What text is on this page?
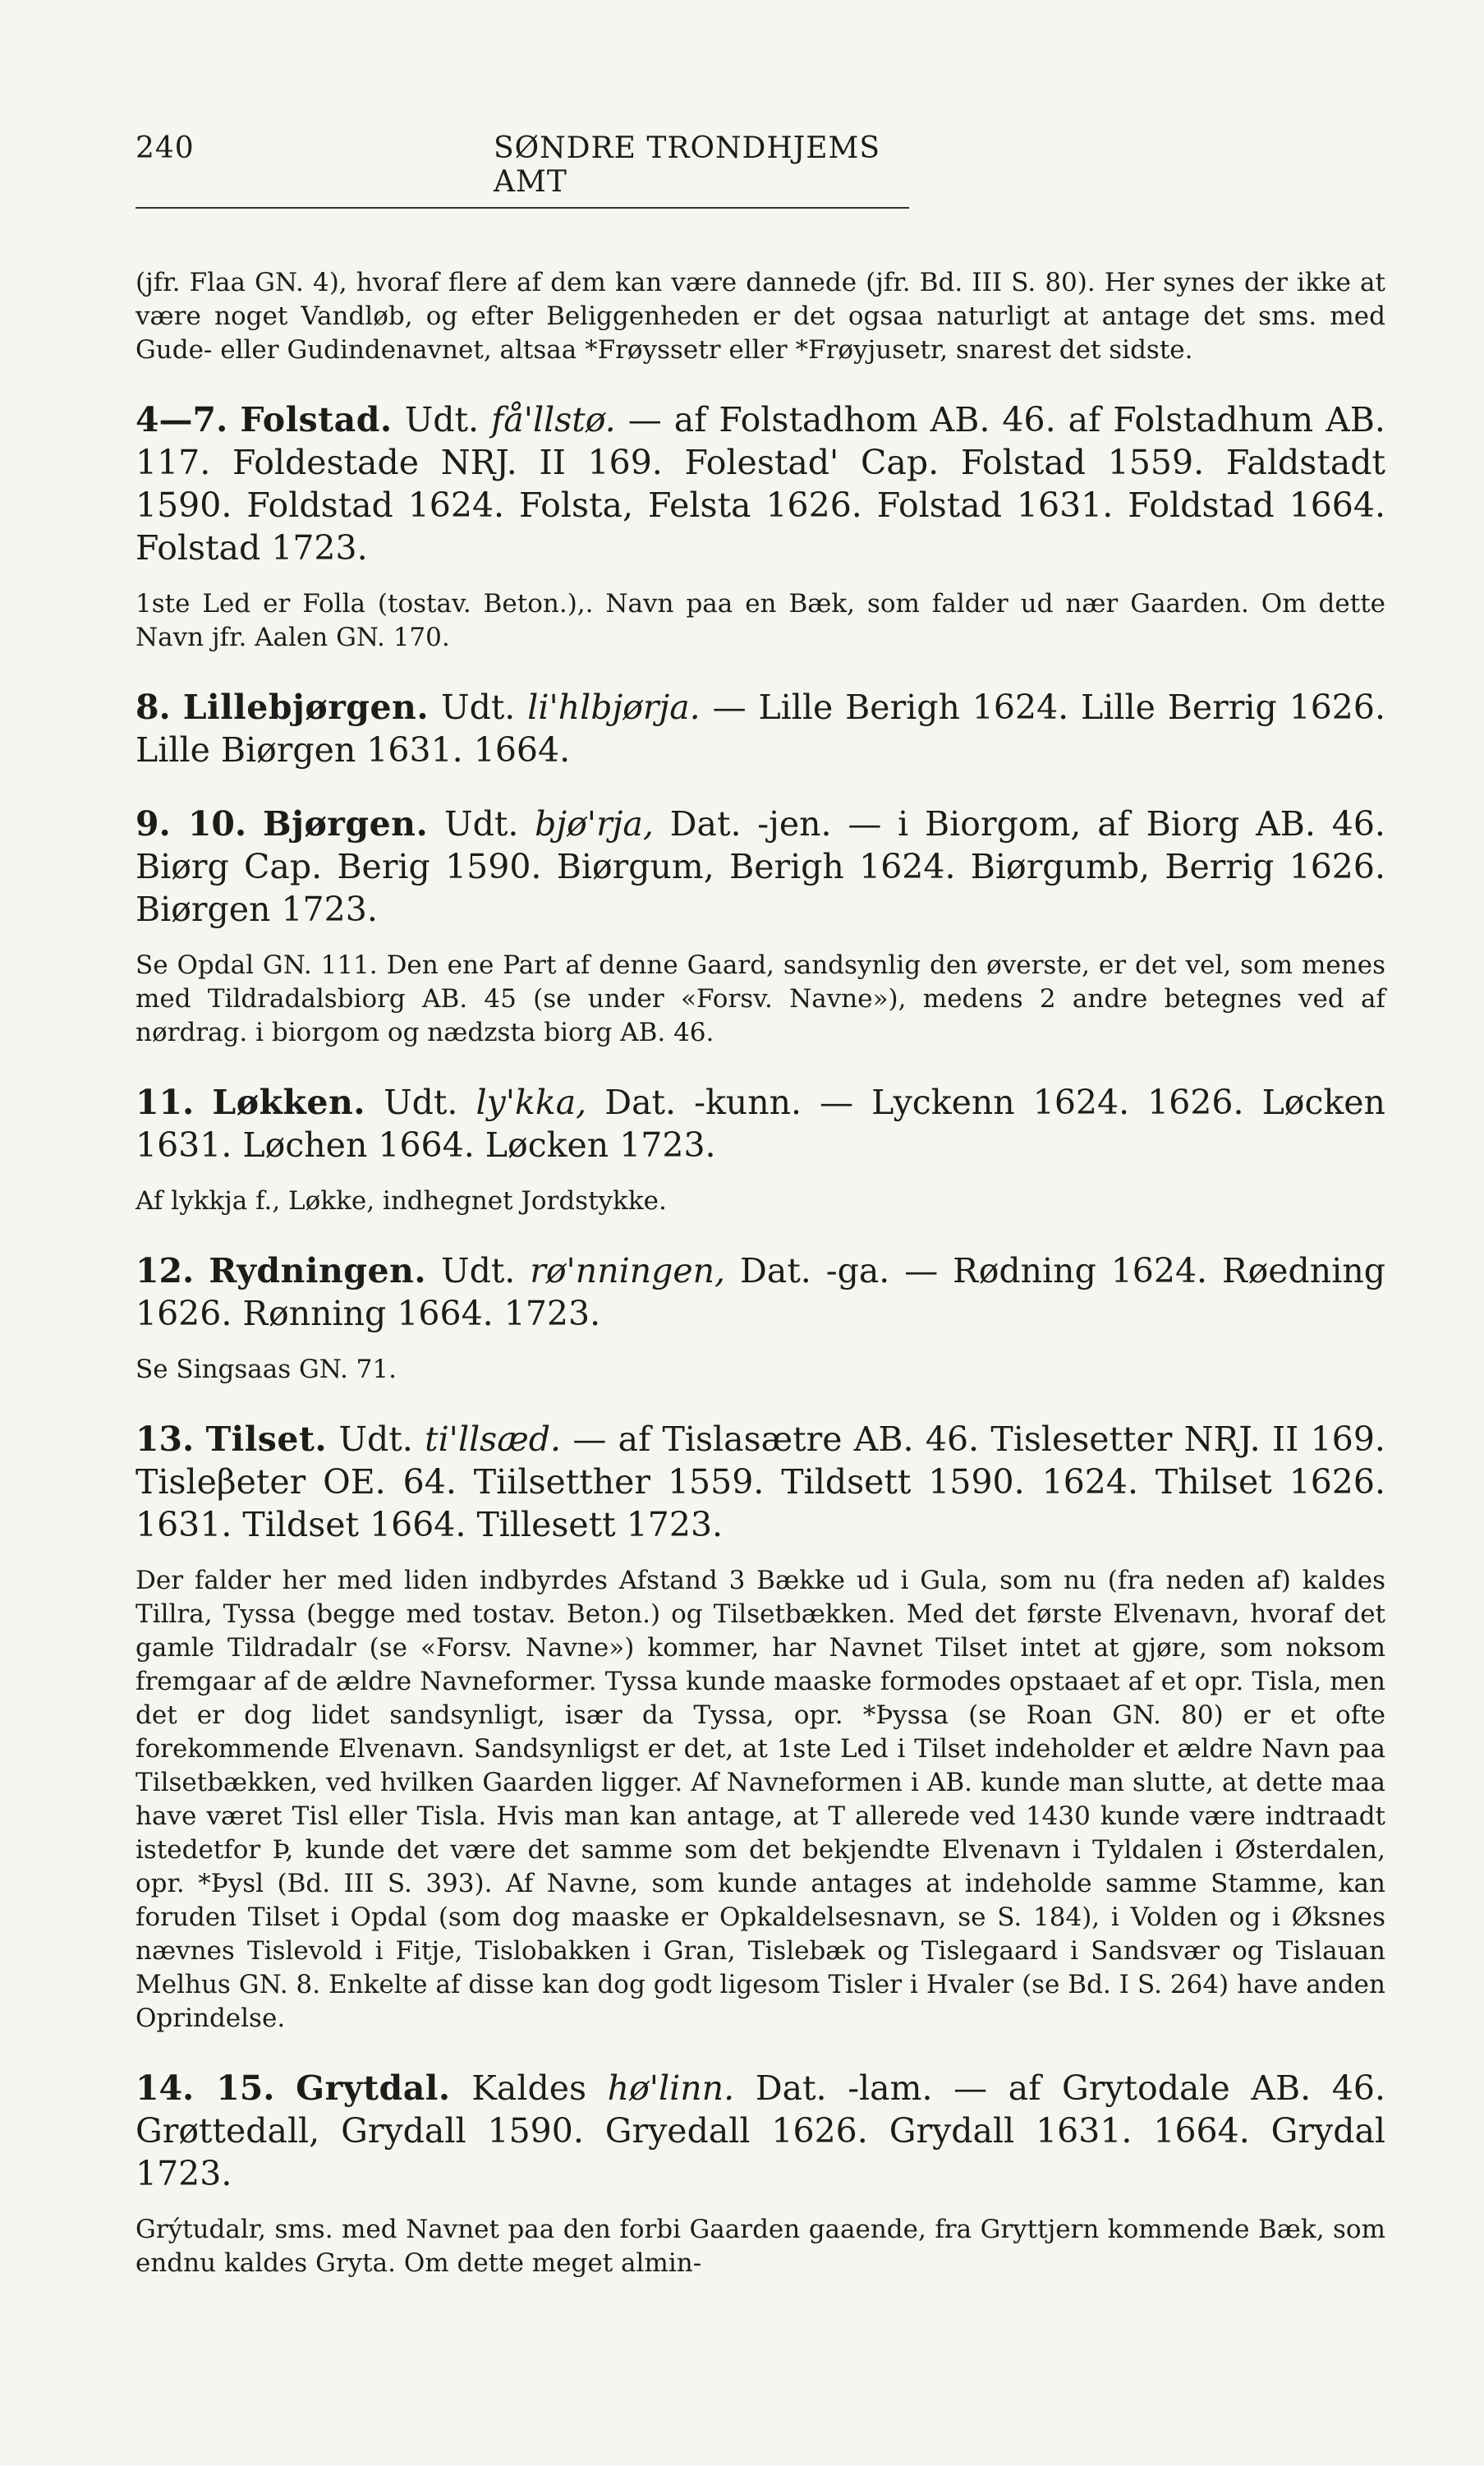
240	SØNDRE TRONDHJEMS AMT

(jfr. Flaa GN. 4), hvoraf flere af dem kan være dannede (jfr. Bd. III S. 80). Her synes der ikke at være noget Vandløb, og efter Beliggenheden er det ogsaa naturligt at antage det sms. med Gude- eller Gudindenavnet, altsaa *Frøyssetr eller *Frøyjusetr, snarest det sidste.

4—7. Folstad. Udt. få'llstø. — af Folstadhom AB. 46. af Folstadhum AB. 117. Foldestade NRJ. II 169. Folestad' Cap. Folstad 1559. Faldstadt 1590. Foldstad 1624. Folsta, Felsta 1626. Folstad 1631. Foldstad 1664. Folstad 1723.

1ste Led er Folla (tostav. Beton.),. Navn paa en Bæk, som falder ud nær Gaarden. Om dette Navn jfr. Aalen GN. 170.

8. Lillebjørgen. Udt. li'hlbjørja. — Lille Berigh 1624. Lille Berrig 1626. Lille Biørgen 1631. 1664.

9. 10. Bjørgen. Udt. bjø'rja, Dat. -jen. — i Biorgom, af Biorg AB. 46. Biørg Cap. Berig 1590. Biørgum, Berigh 1624. Biørgumb, Berrig 1626. Biørgen 1723.

Se Opdal GN. 111. Den ene Part af denne Gaard, sandsynlig den øverste, er det vel, som menes med Tildradalsbiorg AB. 45 (se under «Forsv. Navne»), medens 2 andre betegnes ved af nørdrag. i biorgom og nædzsta biorg AB. 46.

11. Løkken. Udt. ly'kka, Dat. -kunn. — Lyckenn 1624. 1626. Løcken 1631. Løchen 1664. Løcken 1723.

Af lykkja f., Løkke, indhegnet Jordstykke.

12. Rydningen. Udt. rø'nningen, Dat. -ga. — Rødning 1624. Røedning 1626. Rønning 1664. 1723.

Se Singsaas GN. 71.

13. Tilset. Udt. ti'llsæd. — af Tislasætre AB. 46. Tislesetter NRJ. II 169. Tisleβeter OE. 64. Tiilsetther 1559. Tildsett 1590. 1624. Thilset 1626. 1631. Tildset 1664. Tillesett 1723.

Der falder her med liden indbyrdes Afstand 3 Bække ud i Gula, som nu (fra neden af) kaldes Tillra, Tyssa (begge med tostav. Beton.) og Tilsetbækken. Med det første Elvenavn, hvoraf det gamle Tildradalr (se «Forsv. Navne») kommer, har Navnet Tilset intet at gjøre, som noksom fremgaar af de ældre Navneformer. Tyssa kunde maaske formodes opstaaet af et opr. Tisla, men det er dog lidet sandsynligt, især da Tyssa, opr. *Þyssa (se Roan GN. 80) er et ofte forekommende Elvenavn. Sandsynligst er det, at 1ste Led i Tilset indeholder et ældre Navn paa Tilsetbækken, ved hvilken Gaarden ligger. Af Navneformen i AB. kunde man slutte, at dette maa have været Tisl eller Tisla. Hvis man kan antage, at T allerede ved 1430 kunde være indtraadt istedetfor Þ, kunde det være det samme som det bekjendte Elvenavn i Tyldalen i Østerdalen, opr. *Þysl (Bd. III S. 393). Af Navne, som kunde antages at indeholde samme Stamme, kan foruden Tilset i Opdal (som dog maaske er Opkaldelsesnavn, se S. 184), i Volden og i Øksnes nævnes Tislevold i Fitje, Tislobakken i Gran, Tislebæk og Tislegaard i Sandsvær og Tislauan Melhus GN. 8. Enkelte af disse kan dog godt ligesom Tisler i Hvaler (se Bd. I S. 264) have anden Oprindelse.

14. 15. Grytdal. Kaldes hø'linn. Dat. -lam. — af Grytodale AB. 46. Grøttedall, Grydall 1590. Gryedall 1626. Grydall 1631. 1664. Grydal 1723.

Grýtudalr, sms. med Navnet paa den forbi Gaarden gaaende, fra Gryttjern kommende Bæk, som endnu kaldes Gryta. Om dette meget almin-
